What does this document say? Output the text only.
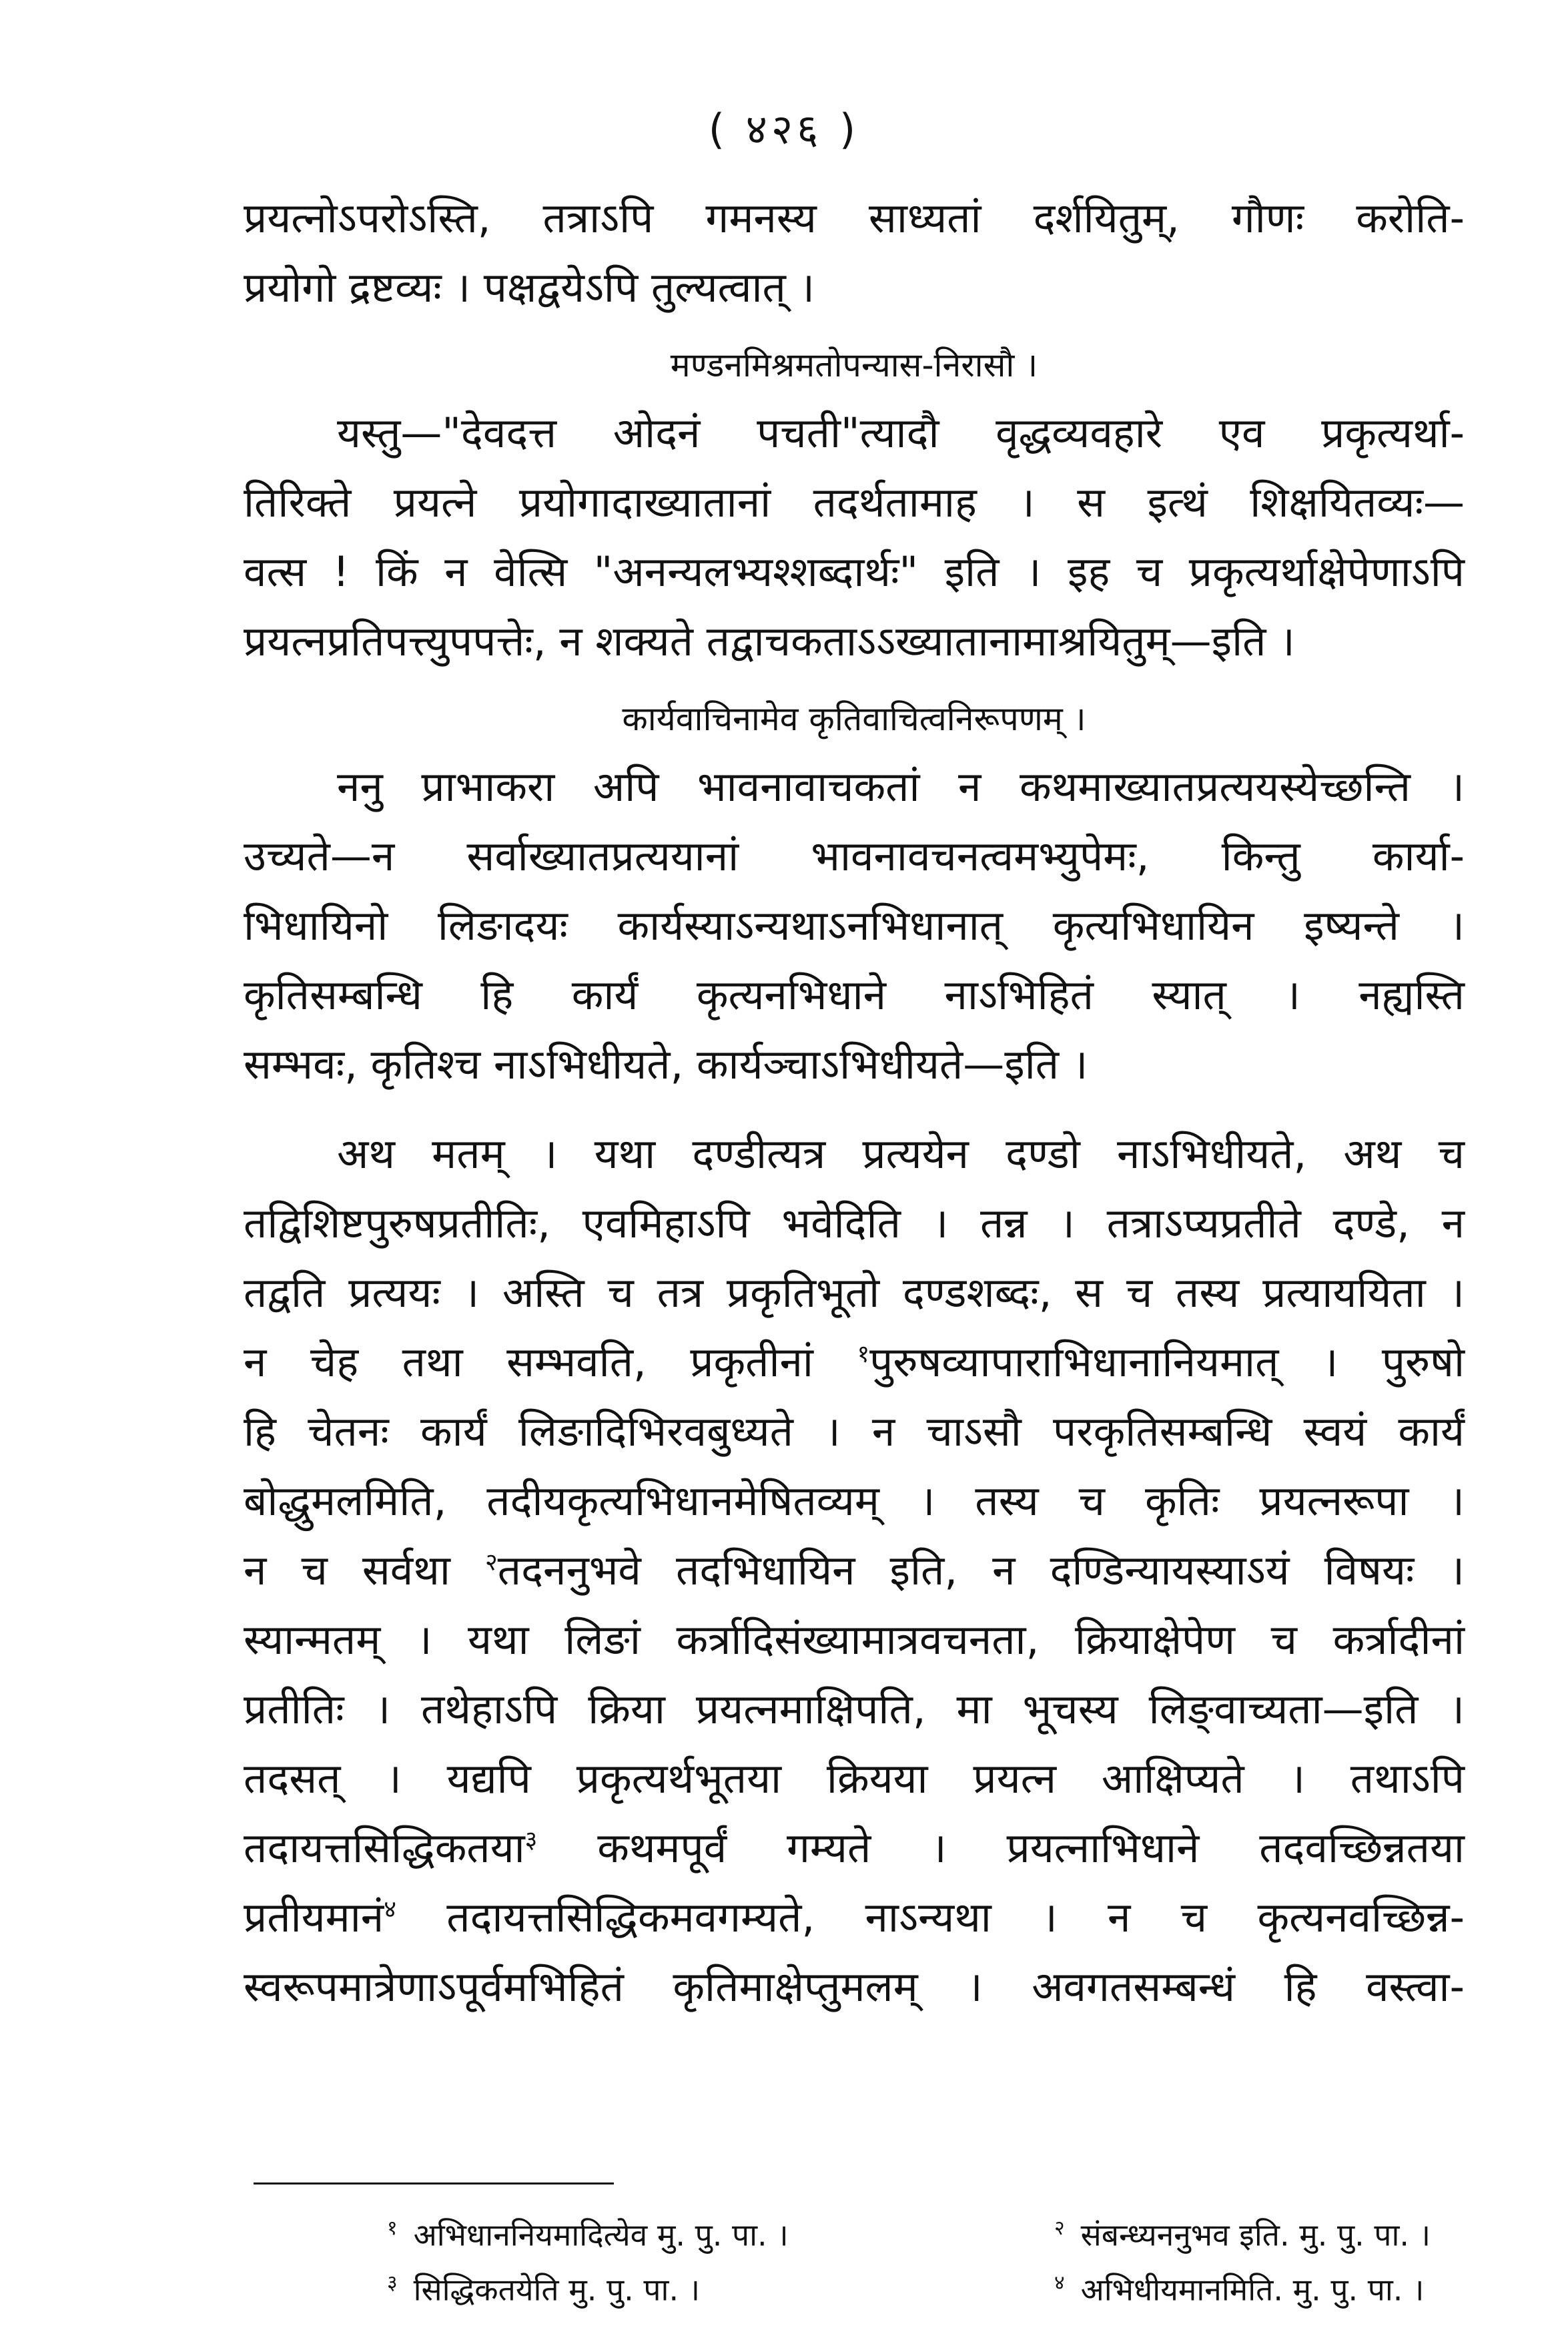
( ४२६ )
प्रयत्नोऽपरोऽस्ति, तत्राऽपि गमनस्य साध्यतां दर्शयितुम्, गौणः करोति-
प्रयोगो द्रष्टव्यः । पक्षद्वयेऽपि तुल्यत्वात् ।
मण्डनमिश्रमतोपन्यास-निरासौ ।
यस्तु—"देवदत्त ओदनं पचती"त्यादौ वृद्धव्यवहारे एव प्रकृत्यर्था-
तिरिक्ते प्रयत्ने प्रयोगादाख्यातानां तदर्थतामाह । स इत्थं शिक्षयितव्यः—
वत्स ! किं न वेत्सि "अनन्यलभ्यश्शब्दार्थः" इति । इह च प्रकृत्यर्थाक्षेपेणाऽपि
प्रयत्नप्रतिपत्त्युपपत्तेः, न शक्यते तद्वाचकताऽऽख्यातानामाश्रयितुम्—इति ।
कार्यवाचिनामेव कृतिवाचित्वनिरूपणम् ।
ननु प्राभाकरा अपि भावनावाचकतां न कथमाख्यातप्रत्ययस्येच्छन्ति ।
उच्यते—न सर्वाख्यातप्रत्ययानां भावनावचनत्वमभ्युपेमः, किन्तु कार्या-
भिधायिनो लिङादयः कार्यस्याऽन्यथाऽनभिधानात् कृत्यभिधायिन इष्यन्ते ।
कृतिसम्बन्धि हि कार्यं कृत्यनभिधाने नाऽभिहितं स्यात् । नह्यस्ति
सम्भवः, कृतिश्च नाऽभिधीयते, कार्यञ्चाऽभिधीयते—इति ।
अथ मतम् । यथा दण्डीत्यत्र प्रत्ययेन दण्डो नाऽभिधीयते, अथ च
तद्विशिष्टपुरुषप्रतीतिः, एवमिहाऽपि भवेदिति । तन्न । तत्राऽप्यप्रतीते दण्डे, न
तद्वति प्रत्ययः । अस्ति च तत्र प्रकृतिभूतो दण्डशब्दः, स च तस्य प्रत्याययिता ।
न चेह तथा सम्भवति, प्रकृतीनां $^१$पुरुषव्यापाराभिधानानियमात् । पुरुषो
हि चेतनः कार्यं लिङादिभिरवबुध्यते । न चाऽसौ परकृतिसम्बन्धि स्वयं कार्यं
बोद्धुमलमिति, तदीयकृत्यभिधानमेषितव्यम् । तस्य च कृतिः प्रयत्नरूपा ।
न च सर्वथा $^२$तदननुभवे तदभिधायिन इति, न दण्डिन्यायस्याऽयं विषयः ।
स्यान्मतम् । यथा लिङां कर्त्रादिसंख्यामात्रवचनता, क्रियाक्षेपेण च कर्त्रादीनां
प्रतीतिः । तथेहाऽपि क्रिया प्रयत्नमाक्षिपति, मा भूचस्य लिङ्वाच्यता—इति ।
तदसत् । यद्यपि प्रकृत्यर्थभूतया क्रियया प्रयत्न आक्षिप्यते । तथाऽपि
तदायत्तसिद्धिकतया$^३$ कथमपूर्वं गम्यते । प्रयत्नाभिधाने तदवच्छिन्नतया
प्रतीयमानं$^४$ तदायत्तसिद्धिकमवगम्यते, नाऽन्यथा । न च कृत्यनवच्छिन्न-
स्वरूपमात्रेणाऽपूर्वमभिहितं कृतिमाक्षेप्तुमलम् । अवगतसम्बन्धं हि वस्त्वा-
१ अभिधाननियमादित्येव मु. पु. पा. ।	२ संबन्ध्यननुभव इति. मु. पु. पा. ।
३ सिद्धिकतयेति मु. पु. पा. ।	४ अभिधीयमानमिति. मु. पु. पा. ।
